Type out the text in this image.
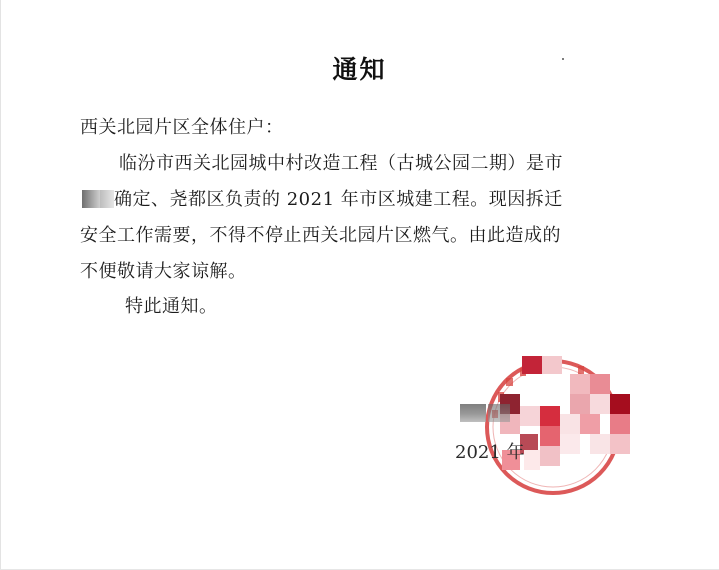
通知
西关北园片区全体住户：
临汾市西关北园城中村改造工程（古城公园二期）是市
确定、尧都区负责的 2021 年市区城建工程。现因拆迁
安全工作需要，不得不停止西关北园片区燃气。由此造成的
不便敬请大家谅解。
特此通知。
2021 年
